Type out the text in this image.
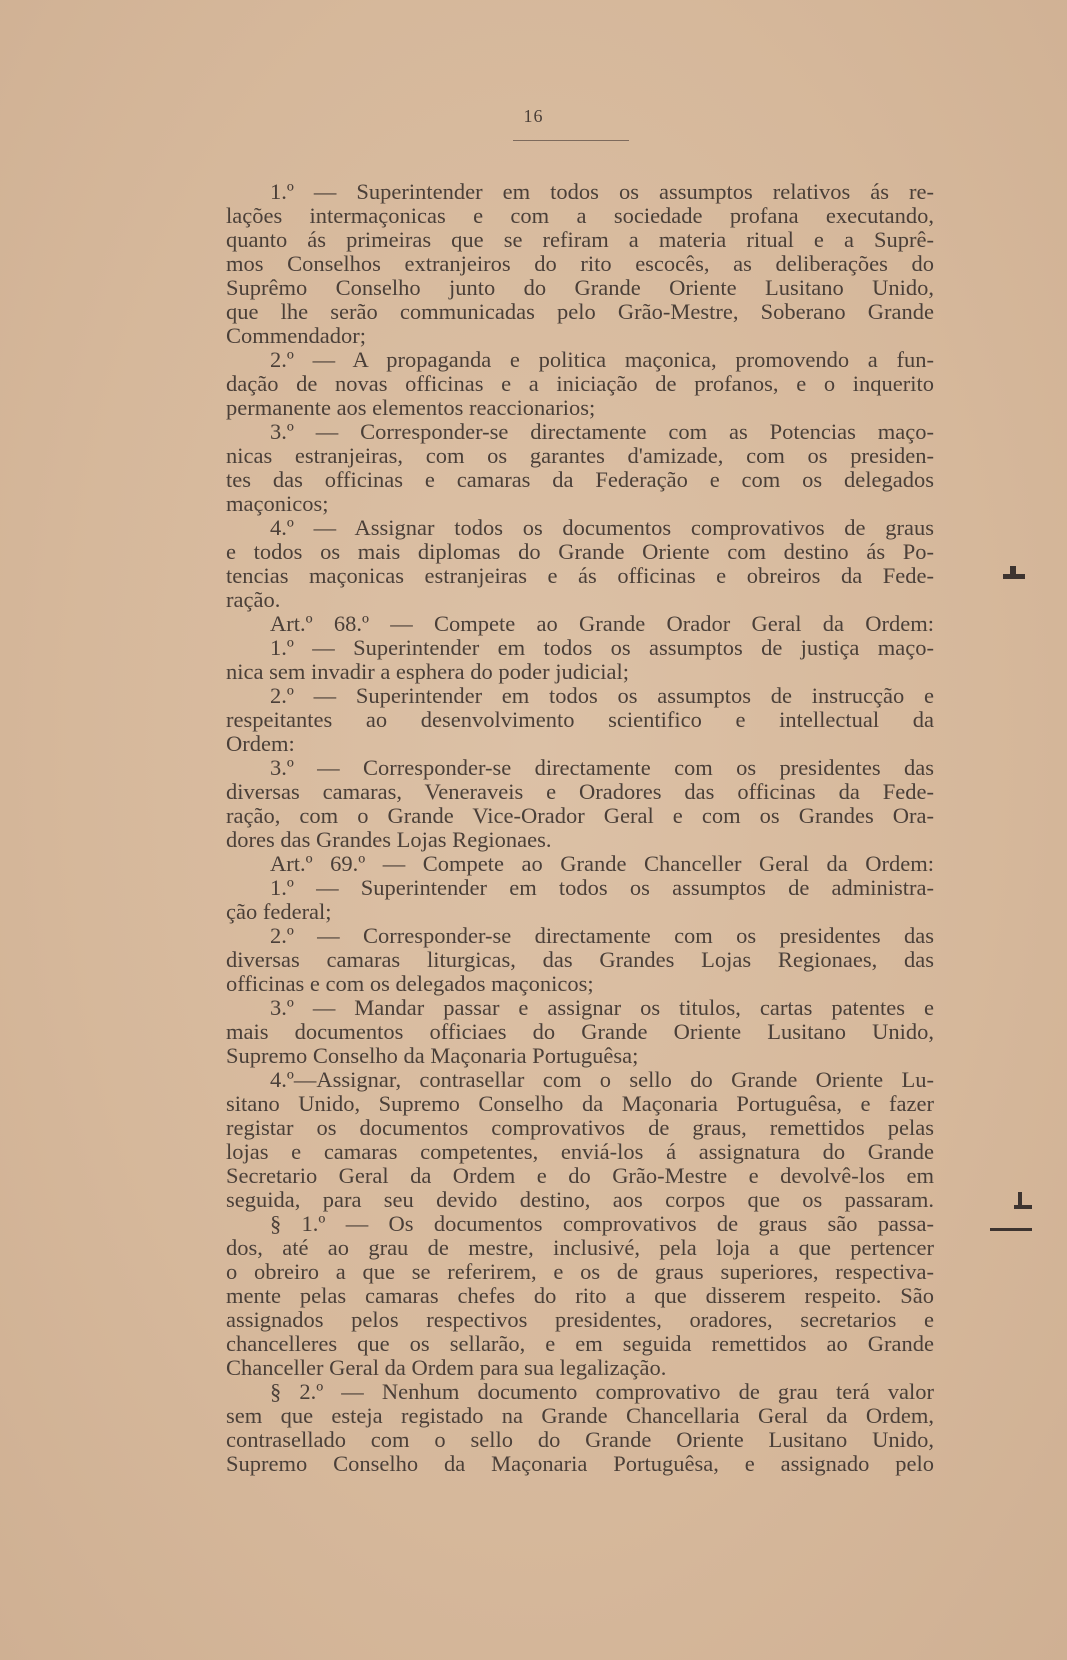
16
1.º — Superintender em todos os assumptos relativos ás re-
lações intermaçonicas e com a sociedade profana executando,
quanto ás primeiras que se refiram a materia ritual e a Suprê-
mos Conselhos extranjeiros do rito escocês, as deliberações do
Suprêmo Conselho junto do Grande Oriente Lusitano Unido,
que lhe serão communicadas pelo Grão-Mestre, Soberano Grande
Commendador;
2.º — A propaganda e politica maçonica, promovendo a fun-
dação de novas officinas e a iniciação de profanos, e o inquerito
permanente aos elementos reaccionarios;
3.º — Corresponder-se directamente com as Potencias maço-
nicas estranjeiras, com os garantes d'amizade, com os presiden-
tes das officinas e camaras da Federação e com os delegados
maçonicos;
4.º — Assignar todos os documentos comprovativos de graus
e todos os mais diplomas do Grande Oriente com destino ás Po-
tencias maçonicas estranjeiras e ás officinas e obreiros da Fede-
ração.
Art.º 68.º — Compete ao Grande Orador Geral da Ordem:
1.º — Superintender em todos os assumptos de justiça maço-
nica sem invadir a esphera do poder judicial;
2.º — Superintender em todos os assumptos de instrucção e
respeitantes ao desenvolvimento scientifico e intellectual da
Ordem:
3.º — Corresponder-se directamente com os presidentes das
diversas camaras, Veneraveis e Oradores das officinas da Fede-
ração, com o Grande Vice-Orador Geral e com os Grandes Ora-
dores das Grandes Lojas Regionaes.
Art.º 69.º — Compete ao Grande Chanceller Geral da Ordem:
1.º — Superintender em todos os assumptos de administra-
ção federal;
2.º — Corresponder-se directamente com os presidentes das
diversas camaras liturgicas, das Grandes Lojas Regionaes, das
officinas e com os delegados maçonicos;
3.º — Mandar passar e assignar os titulos, cartas patentes e
mais documentos officiaes do Grande Oriente Lusitano Unido,
Supremo Conselho da Maçonaria Portuguêsa;
4.º—Assignar, contrasellar com o sello do Grande Oriente Lu-
sitano Unido, Supremo Conselho da Maçonaria Portuguêsa, e fazer
registar os documentos comprovativos de graus, remettidos pelas
lojas e camaras competentes, enviá-los á assignatura do Grande
Secretario Geral da Ordem e do Grão-Mestre e devolvê-los em
seguida, para seu devido destino, aos corpos que os passaram.
§ 1.º — Os documentos comprovativos de graus são passa-
dos, até ao grau de mestre, inclusivé, pela loja a que pertencer
o obreiro a que se referirem, e os de graus superiores, respectiva-
mente pelas camaras chefes do rito a que disserem respeito. São
assignados pelos respectivos presidentes, oradores, secretarios e
chancelleres que os sellarão, e em seguida remettidos ao Grande
Chanceller Geral da Ordem para sua legalização.
§ 2.º — Nenhum documento comprovativo de grau terá valor
sem que esteja registado na Grande Chancellaria Geral da Ordem,
contrasellado com o sello do Grande Oriente Lusitano Unido,
Supremo Conselho da Maçonaria Portuguêsa, e assignado pelo
